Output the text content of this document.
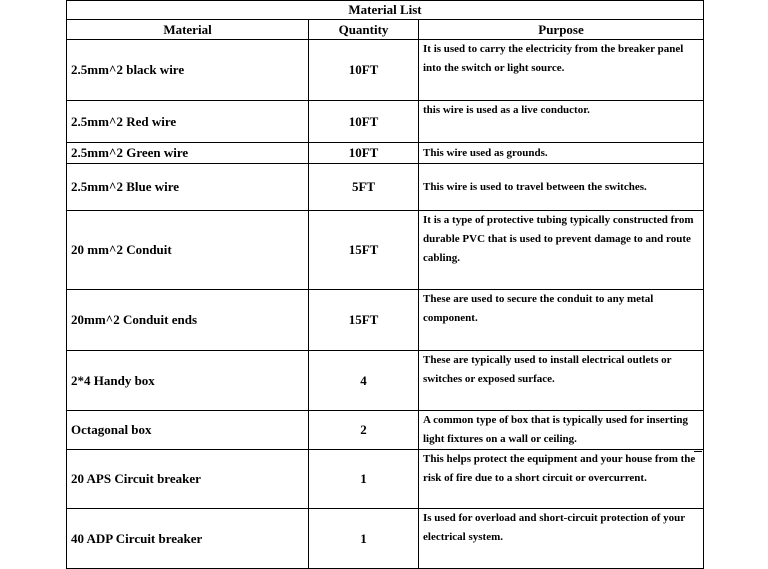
Material List		
Material	Quantity	Purpose
2.5mm^2 black wire	10FT	It is used to carry the electricity from the breaker panel into the switch or light source.
2.5mm^2 Red wire	10FT	this wire is used as a live conductor.
2.5mm^2 Green wire	10FT	This wire used as grounds.
2.5mm^2 Blue wire	5FT	This wire is used to travel between the switches.
20 mm^2 Conduit	15FT	It is a type of protective tubing typically constructed from durable PVC that is used to prevent damage to and route cabling.
20mm^2 Conduit ends	15FT	These are used to secure the conduit to any metal component.
2*4 Handy box	4	These are typically used to install electrical outlets or switches or exposed surface.
Octagonal box	2	A common type of box that is typically used for inserting light fixtures on a wall or ceiling.
20 APS Circuit breaker	1	This helps protect the equipment and your house from the risk of fire due to a short circuit or overcurrent.
40 ADP Circuit breaker	1	Is used for overload and short-circuit protection of your electrical system.
